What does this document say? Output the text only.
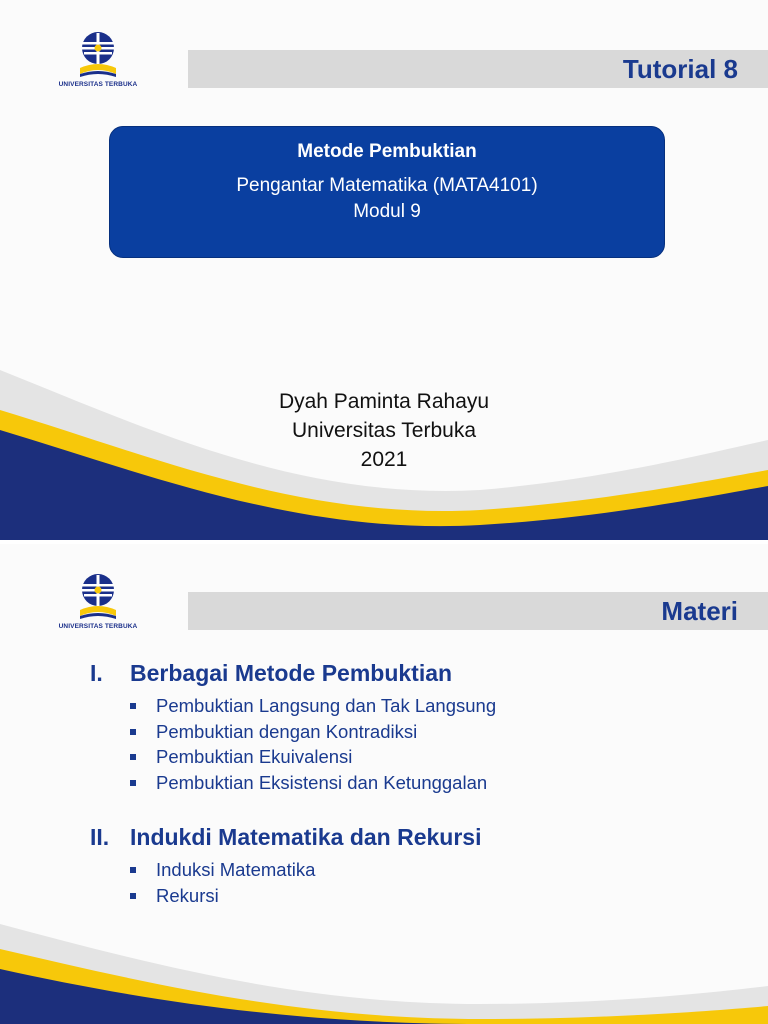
UNIVERSITAS TERBUKA
Tutorial 8
Metode Pembuktian
Pengantar Matematika (MATA4101)
Modul 9
Dyah Paminta Rahayu
Universitas Terbuka
2021
UNIVERSITAS TERBUKA
Materi
I. Berbagai Metode Pembuktian
Pembuktian Langsung dan Tak Langsung
Pembuktian dengan Kontradiksi
Pembuktian Ekuivalensi
Pembuktian Eksistensi dan Ketunggalan
II. Indukdi Matematika dan Rekursi
Induksi Matematika
Rekursi
